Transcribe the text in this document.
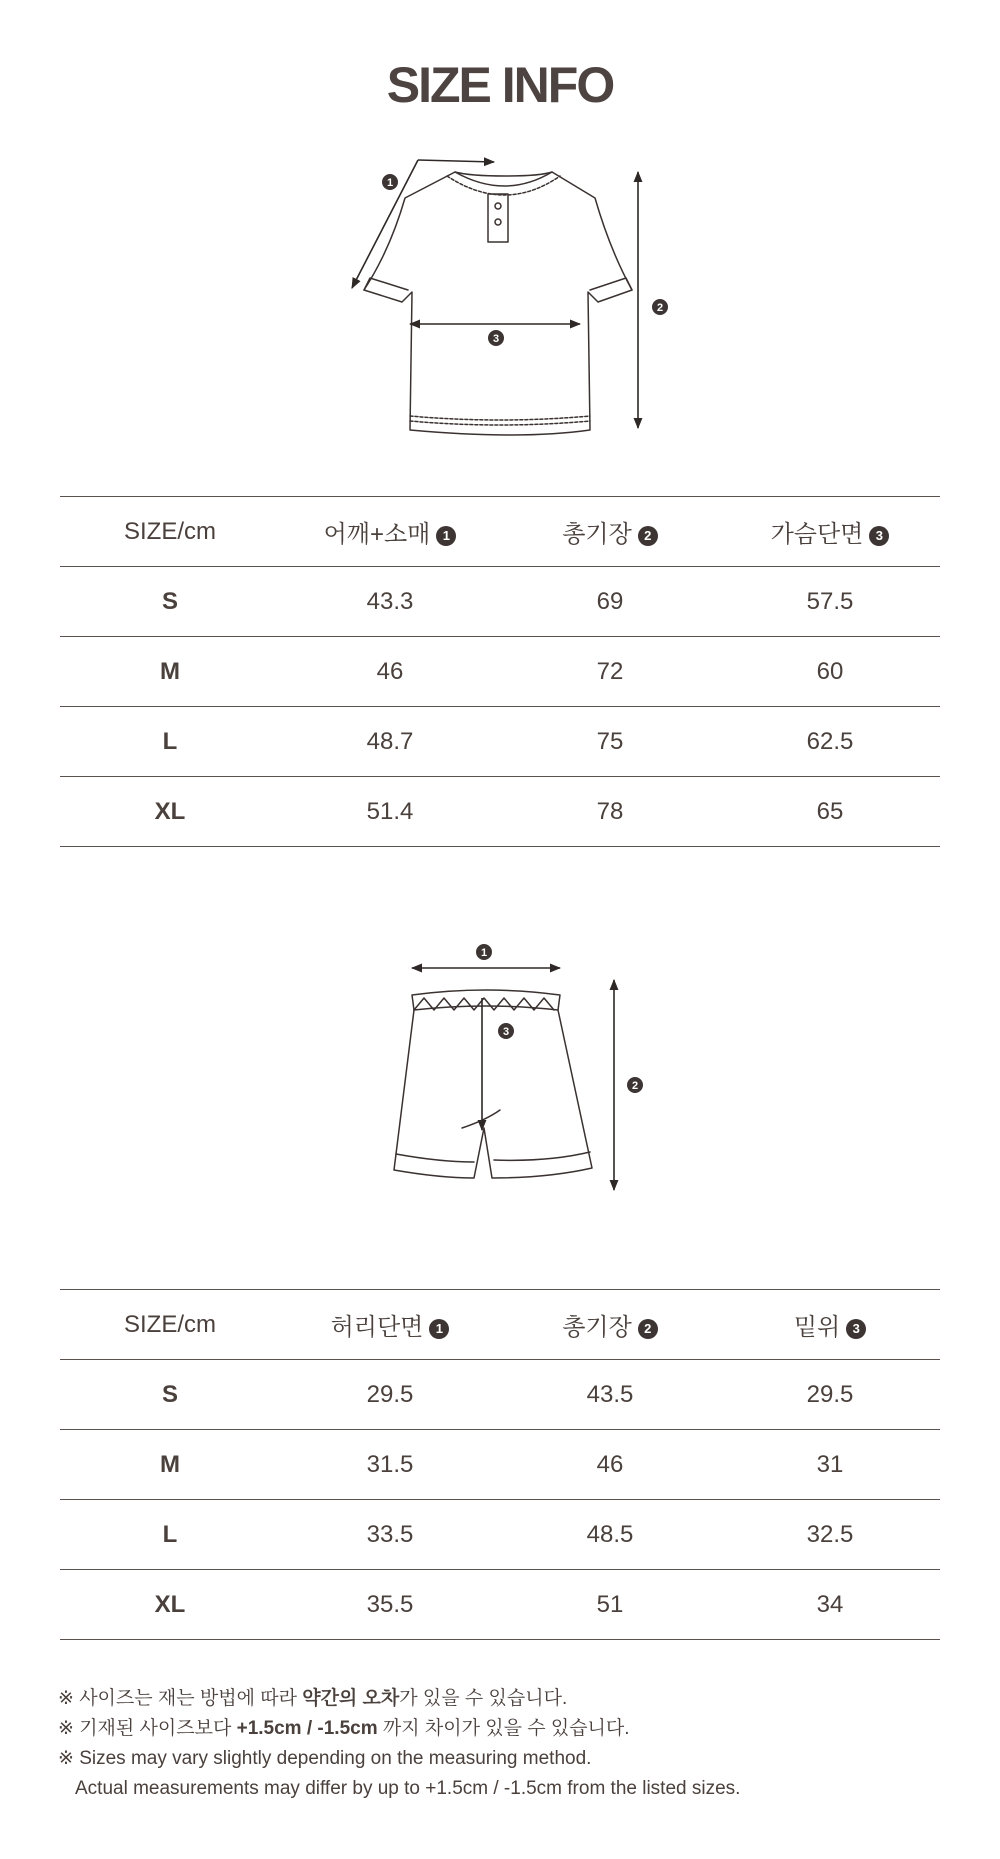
SIZE INFO
1
2
3
SIZE/cm	어깨+소매 1	총기장 2	가슴단면 3
S	43.3	69	57.5
M	46	72	60
L	48.7	75	62.5
XL	51.4	78	65
1
2
3
SIZE/cm	허리단면 1	총기장 2	밑위 3
S	29.5	43.5	29.5
M	31.5	46	31
L	33.5	48.5	32.5
XL	35.5	51	34
※ 사이즈는 재는 방법에 따라 약간의 오차가 있을 수 있습니다.
※ 기재된 사이즈보다 +1.5cm / -1.5cm 까지 차이가 있을 수 있습니다.
※ Sizes may vary slightly depending on the measuring method.
Actual measurements may differ by up to +1.5cm / -1.5cm from the listed sizes.
